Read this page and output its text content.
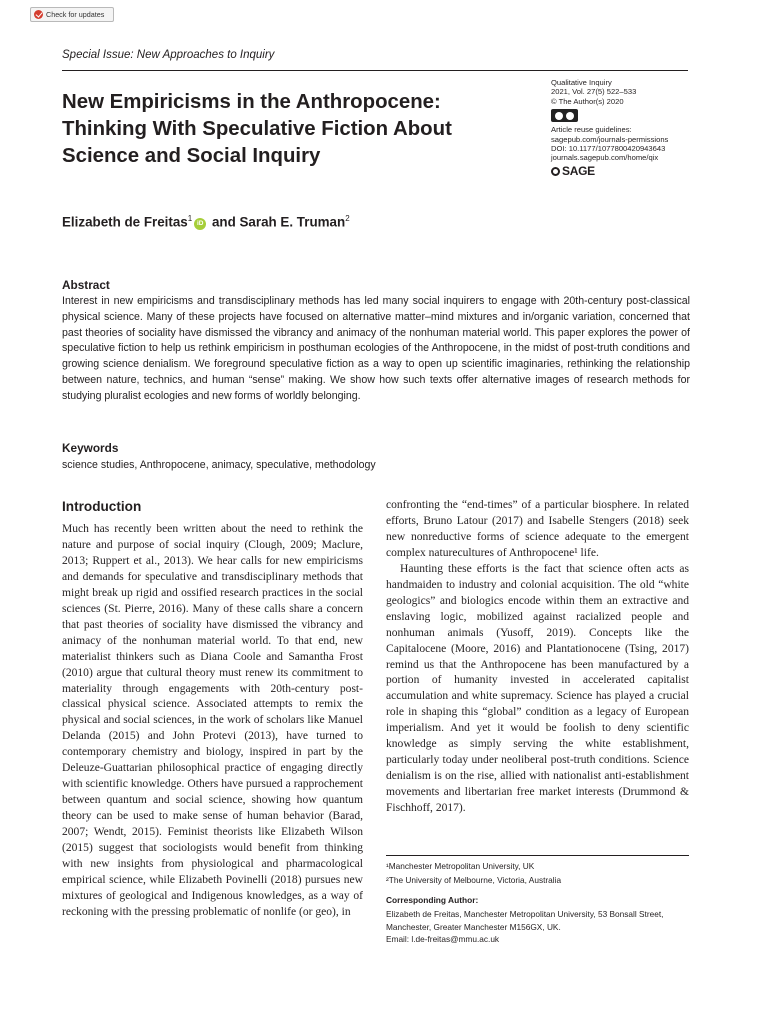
Check for updates
Special Issue: New Approaches to Inquiry
New Empiricisms in the Anthropocene: Thinking With Speculative Fiction About Science and Social Inquiry
Qualitative Inquiry
2021, Vol. 27(5) 522–533
© The Author(s) 2020
Article reuse guidelines:
sagepub.com/journals-permissions
DOI: 10.1177/1077800420943643
journals.sagepub.com/home/qix
SAGE
Elizabeth de Freitas$^1$iD and Sarah E. Truman$^2$
Abstract

Interest in new empiricisms and transdisciplinary methods has led many social inquirers to engage with 20th-century post-classical physical science. Many of these projects have focused on alternative matter–mind mixtures and in/organic variation, concerned that past theories of sociality have dismissed the vibrancy and animacy of the nonhuman material world. This paper explores the power of speculative fiction to help us rethink empiricism in posthuman ecologies of the Anthropocene, in the midst of post-truth conditions and growing science denialism. We foreground speculative fiction as a way to open up scientific imaginaries, rethinking the relationship between nature, technics, and human “sense” making. We show how such texts offer alternative images of research methods for studying pluralist ecologies and new forms of worldly belonging.

Keywords
science studies, Anthropocene, animacy, speculative, methodology
Introduction

Much has recently been written about the need to rethink the nature and purpose of social inquiry (Clough, 2009; Maclure, 2013; Ruppert et al., 2013). We hear calls for new empiricisms and demands for speculative and transdisciplinary methods that might break up rigid and ossified research practices in the social sciences (St. Pierre, 2016). Many of these calls share a concern that past theories of sociality have dismissed the vibrancy and animacy of the nonhuman material world. To that end, new materialist thinkers such as Diana Coole and Samantha Frost (2010) argue that cultural theory must renew its commitment to materiality through engagements with 20th-century post-classical physical science. Associated attempts to remix the physical and social sciences, in the work of scholars like Manuel Delanda (2015) and John Protevi (2013), have turned to contemporary chemistry and biology, inspired in part by the Deleuze-Guattarian philosophical practice of engaging directly with scientific knowledge. Others have pursued a rapprochement between quantum and social science, showing how quantum theory can be used to make sense of human behavior (Barad, 2007; Wendt, 2015). Feminist theorists like Elizabeth Wilson (2015) suggest that sociologists would benefit from thinking with new insights from physiological and pharmacological empirical science, while Elizabeth Povinelli (2018) pursues new mixtures of geological and Indigenous knowledges, as a way of reckoning with the pressing problematic of nonlife (or geo), in

confronting the “end-times” of a particular biosphere. In related efforts, Bruno Latour (2017) and Isabelle Stengers (2018) seek new nonreductive forms of science adequate to the emergent complex naturecultures of Anthropocene¹ life.

Haunting these efforts is the fact that science often acts as handmaiden to industry and colonial acquisition. The old “white geologics” and biologics encode within them an extractive and enslaving logic, mobilized against racialized people and nonhuman animals (Yusoff, 2019). Concepts like the Capitalocene (Moore, 2016) and Plantationocene (Tsing, 2017) remind us that the Anthropocene has been manufactured by a portion of humanity invested in accelerated capitalist accumulation and white supremacy. Science has played a crucial role in shaping this “global” condition as a legacy of European imperialism. And yet it would be foolish to deny scientific knowledge as simply serving the white establishment, particularly today under neoliberal post-truth conditions. Science denialism is on the rise, allied with nationalist anti-establishment movements and libertarian free market interests (Drummond & Fischhoff, 2017).

¹Manchester Metropolitan University, UK
²The University of Melbourne, Victoria, Australia
Corresponding Author:
Elizabeth de Freitas, Manchester Metropolitan University, 53 Bonsall Street, Manchester, Greater Manchester M156GX, UK.
Email: l.de-freitas@mmu.ac.uk
